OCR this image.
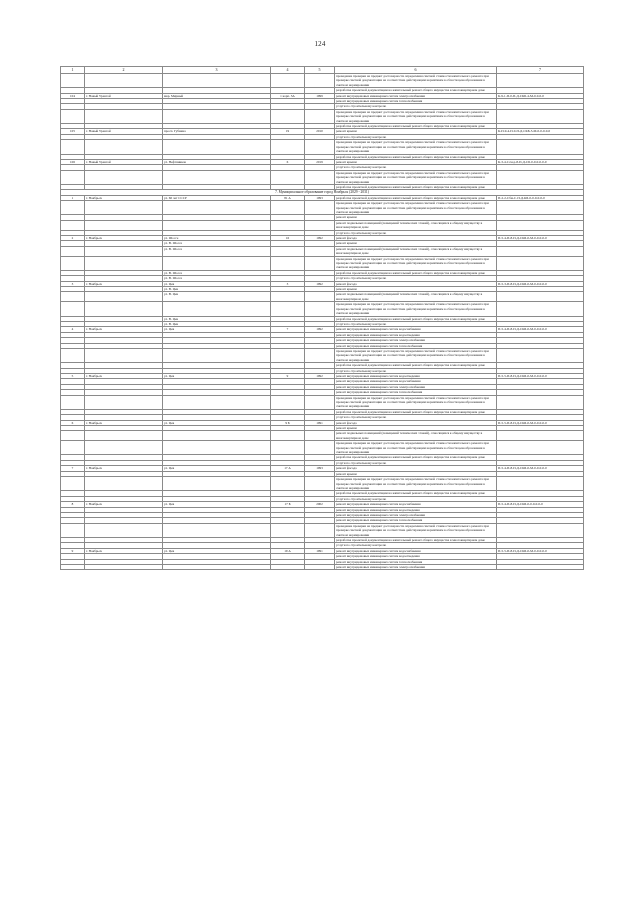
124
1	2	3	4	5	6	7
					проведение проверки на предмет достоверности определения сметной стоимости капитального ремонта при проверке сметной документации на соответствие действующим нормативам в области ценообразования в сметном нормировании	
					разработка проектной документации на капитальный ремонт общего имущества в многоквартирном доме	
104	г. Новый Уренгой	мкр. Мирный	1 корп. 3А	1999	ремонт внутридомовых инженерных систем электроснабжения	К-9-1-П-0-П-Д-СКБ-4-М-0-0-0-0
					ремонт внутридомовых инженерных систем теплоснабжения	
					услуги по строительному контролю	
					проведение проверки на предмет достоверности определения сметной стоимости капитального ремонта при проверке сметной документации на соответствие действующим нормативам в области ценообразования в сметном нормировании	
					разработка проектной документации на капитальный ремонт общего имущества в многоквартирном доме	
105	г. Новый Уренгой	просп. Губкина	19	2010	ремонт крыши	К-П-9-4-П-0-П-Д-СКБ-5-М-0-0-0-0-0
					услуги по строительному контролю	
					проведение проверки на предмет достоверности определения сметной стоимости капитального ремонта при проверке сметной документации на соответствие действующим нормативам в области ценообразования в сметном нормировании	
					разработка проектной документации на капитальный ремонт общего имущества в многоквартирном доме	
106	г. Новый Уренгой	ул. Нефтяников	6	2019	ремонт крыши	К-3-4-Ссм-р-8-П-Д-СБ-0-0-0-0-0-0
					услуги по строительному контролю	
					проведение проверки на предмет достоверности определения сметной стоимости капитального ремонта при проверке сметной документации на соответствие действующим нормативам в области ценообразования в сметном нормировании	
					разработка проектной документации на капитальный ремонт общего имущества в многоквартирном доме	
7. Муниципальное образование город Ноябрьск (2029 - 2031)						
1	г. Ноябрьск	ул. 60 лет СССР	81 А	1993	разработка проектной документации на капитальный ремонт общего имущества в многоквартирном доме	П-2-2-Сбм-С-П-Д-КБ-0-0-0-0-0-0
					проведение проверки на предмет достоверности определения сметной стоимости капитального ремонта при проверке сметной документации на соответствие действующим нормативам в области ценообразования в сметном нормировании	
					ремонт крыши	
					ремонт подвальных помещений (помещений технических этажей), относящихся к общему имуществу в многоквартирном доме	
					услуги по строительному контролю	
2	г. Ноябрьск	ул. Шоссе	16	1992	ремонт фасада	П-5-4-П-8-П-Д-СКБ-0-М-0-0-0-0-0
		ул. В. Шоссе			ремонт крыши	
		ул. В. Шоссе			ремонт подвальных помещений (помещений технических этажей), относящихся к общему имуществу в многоквартирном доме	
					проведение проверки на предмет достоверности определения сметной стоимости капитального ремонта при проверке сметной документации на соответствие действующим нормативам в области ценообразования в сметном нормировании	
		ул. В. Шоссе			разработка проектной документации на капитальный ремонт общего имущества в многоквартирном доме	
		ул. В. Шоссе			услуги по строительному контролю	
3	г. Ноябрьск	ул. Цев	3	1992	ремонт фасада	П-5-3-П-8-П-Д-СКБ-0-М-0-0-0-0-0
		ул. В. Цев			ремонт крыши	
		ул. В. Цев			ремонт подвальных помещений (помещений технических этажей), относящихся к общему имуществу в многоквартирном доме	
					проведение проверки на предмет достоверности определения сметной стоимости капитального ремонта при проверке сметной документации на соответствие действующим нормативам в области ценообразования в сметном нормировании	
		ул. В. Цев			разработка проектной документации на капитальный ремонт общего имущества в многоквартирном доме	
		ул. В. Цев			услуги по строительному контролю	
4	г. Ноябрьск	ул. Цев	7	1992	ремонт внутридомовых инженерных систем водоснабжения	П-5-4-П-8-П-Д-СКБ-0-М-0-0-0-0-0
					ремонт внутридомовых инженерных систем водоотведения	
					ремонт внутридомовых инженерных систем электроснабжения	
					ремонт внутридомовых инженерных систем теплоснабжения	
					проведение проверки на предмет достоверности определения сметной стоимости капитального ремонта при проверке сметной документации на соответствие действующим нормативам в области ценообразования в сметном нормировании	
					разработка проектной документации на капитальный ремонт общего имущества в многоквартирном доме	
					услуги по строительному контролю	
5	г. Ноябрьск	ул. Цев	9	1992	ремонт внутридомовых инженерных систем водоотведения	П-5-5-П-8-П-Д-СКБ-0-М-0-0-0-0-0
					ремонт внутридомовых инженерных систем водоснабжения	
					ремонт внутридомовых инженерных систем электроснабжения	
					ремонт внутридомовых инженерных систем теплоснабжения	
					проведение проверки на предмет достоверности определения сметной стоимости капитального ремонта при проверке сметной документации на соответствие действующим нормативам в области ценообразования в сметном нормировании	
					разработка проектной документации на капитальный ремонт общего имущества в многоквартирном доме	
					услуги по строительному контролю	
6	г. Ноябрьск	ул. Цев	9 Б	1991	ремонт фасада	П-5-5-П-8-П-Д-СКБ-0-М-0-0-0-0-0
					ремонт крыши	
					ремонт подвальных помещений (помещений технических этажей), относящихся к общему имуществу в многоквартирном доме	
					проведение проверки на предмет достоверности определения сметной стоимости капитального ремонта при проверке сметной документации на соответствие действующим нормативам в области ценообразования в сметном нормировании	
					разработка проектной документации на капитальный ремонт общего имущества в многоквартирном доме	
					услуги по строительному контролю	
7	г. Ноябрьск	ул. Цев	17 А	1993	ремонт фасада	П-5-4-П-8-П-Д-СКБ-0-М-0-0-0-0-0
					ремонт крыши	
					проведение проверки на предмет достоверности определения сметной стоимости капитального ремонта при проверке сметной документации на соответствие действующим нормативам в области ценообразования в сметном нормировании	
					разработка проектной документации на капитальный ремонт общего имущества в многоквартирном доме	
					услуги по строительному контролю	
8	г. Ноябрьск	ул. Цев	17 Б	2002	ремонт внутридомовых инженерных систем водоснабжения	П-5-4-П-8-П-Д-СКБ-0-0-0-0-0-0
					ремонт внутридомовых инженерных систем водоотведения	
					ремонт внутридомовых инженерных систем электроснабжения	
					ремонт внутридомовых инженерных систем теплоснабжения	
					проведение проверки на предмет достоверности определения сметной стоимости капитального ремонта при проверке сметной документации на соответствие действующим нормативам в области ценообразования в сметном нормировании	
					разработка проектной документации на капитальный ремонт общего имущества в многоквартирном доме	
					услуги по строительному контролю	
9	г. Ноябрьск	ул. Цев	19 А	1991	ремонт внутридомовых инженерных систем водоснабжения	П-5-5-П-8-П-Д-СКБ-0-М-0-0-0-0-0
					ремонт внутридомовых инженерных систем водоотведения	
					ремонт внутридомовых инженерных систем теплоснабжения	
					ремонт внутридомовых инженерных систем электроснабжения	
